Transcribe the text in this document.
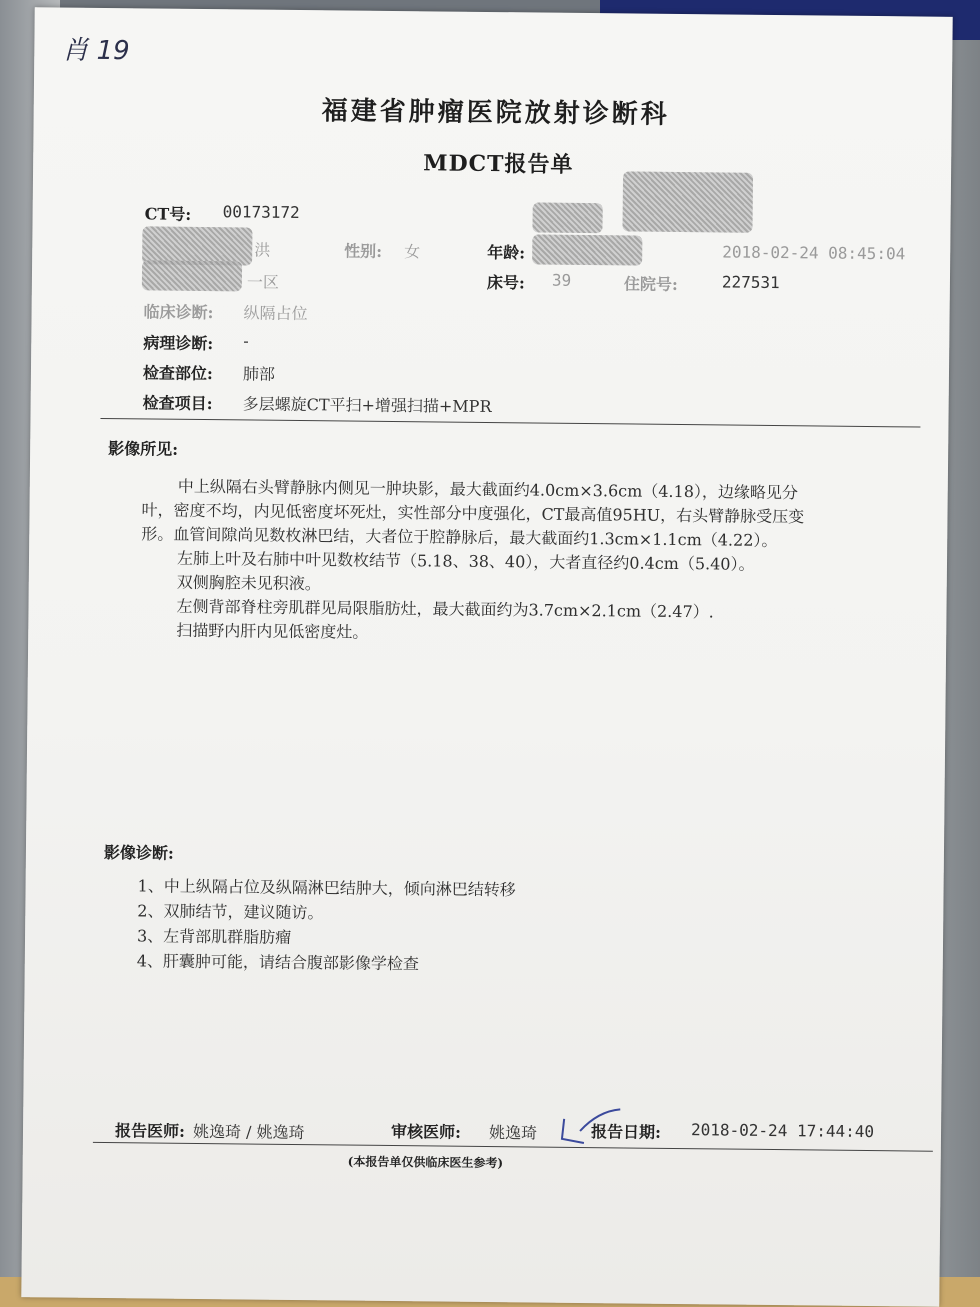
肖 19
福建省肿瘤医院放射诊断科
MDCT报告单
CT号: 00173172
洪	性别: 女	年龄:	2018-02-24 08:45:04
一区	床号: 39	住院号:	227531
临床诊断: 纵隔占位
病理诊断: -
检查部位: 肺部
检查项目: 多层螺旋CT平扫+增强扫描+MPR
影像所见:
中上纵隔右头臂静脉内侧见一肿块影，最大截面约4.0cm×3.6cm（4.18），边缘略见分
叶，密度不均，内见低密度坏死灶，实性部分中度强化，CT最高值95HU，右头臂静脉受压变
形。血管间隙尚见数枚淋巴结，大者位于腔静脉后，最大截面约1.3cm×1.1cm（4.22）。
左肺上叶及右肺中叶见数枚结节（5.18、38、40），大者直径约0.4cm（5.40）。
双侧胸腔未见积液。
左侧背部脊柱旁肌群见局限脂肪灶，最大截面约为3.7cm×2.1cm（2.47）.
扫描野内肝内见低密度灶。
影像诊断:
1、中上纵隔占位及纵隔淋巴结肿大，倾向淋巴结转移
2、双肺结节，建议随访。
3、左背部肌群脂肪瘤
4、肝囊肿可能，请结合腹部影像学检查
报告医师: 姚逸琦 / 姚逸琦	审核医师: 姚逸琦	报告日期: 2018-02-24 17:44:40
(本报告单仅供临床医生参考)
